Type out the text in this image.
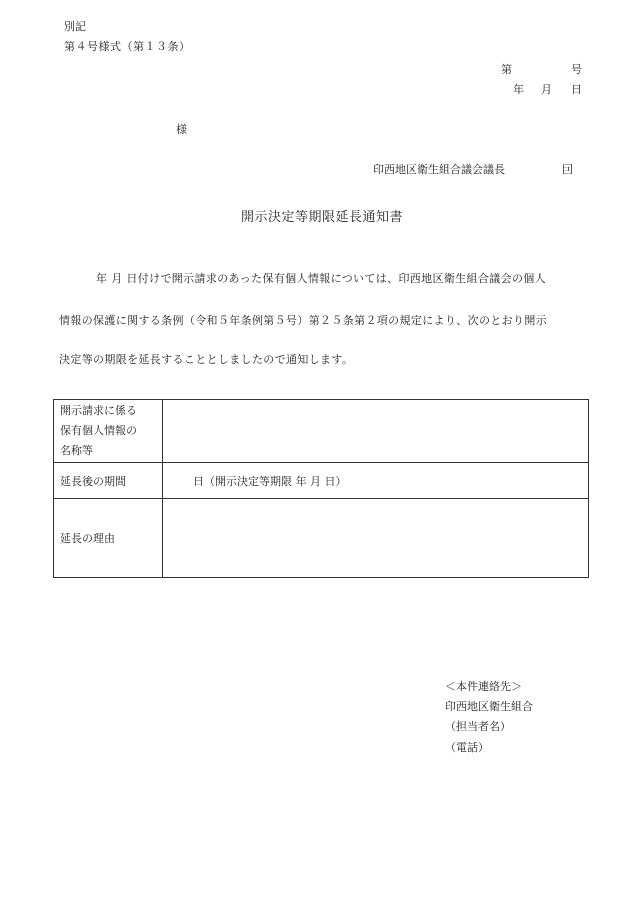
別記
第４号様式（第１３条）
第	号
年 月 日
様
印西地区衛生組合議会議長	囙
開示決定等期限延長通知書
年 月 日付けで開示請求のあった保有個人情報については、印西地区衛生組合議会の個人
情報の保護に関する条例（令和５年条例第５号）第２５条第２項の規定により、次のとおり開示
決定等の期限を延長することとしましたので通知します。
開示請求に係る
保有個人情報の
名称等	

延長後の期間	日（開示決定等期限 年 月 日）
延長の理由	
＜本件連絡先＞
印西地区衛生組合
（担当者名）
（電話）
